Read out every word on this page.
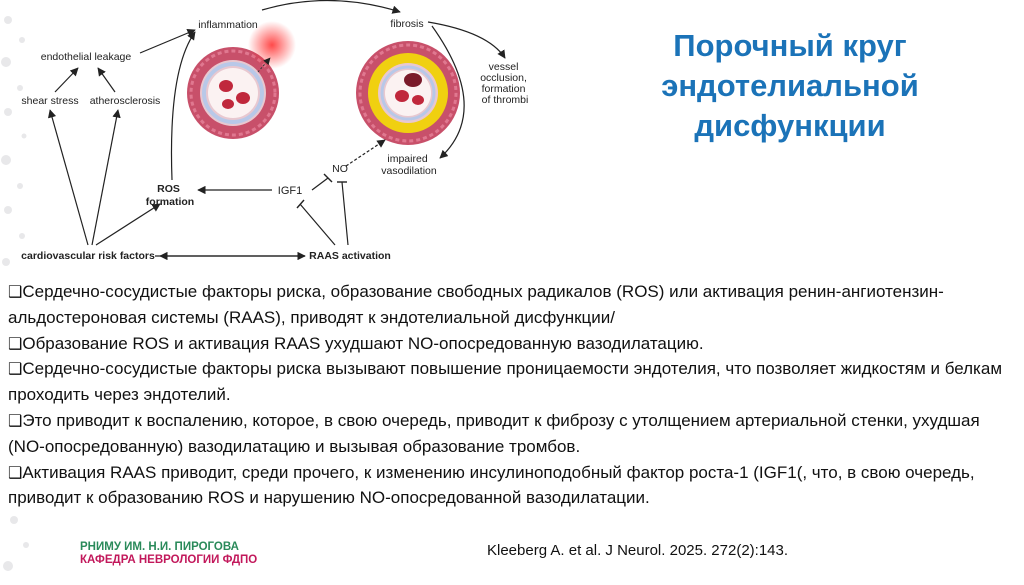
inflammation	fibrosis
endothelial leakage
shear stress atherosclerosis
vessel occlusion, formation of thrombi
impaired vasodilation
NO
IGF1
ROS formation
cardiovascular risk factors	RAAS activation
Порочный круг
эндотелиальной
дисфункции

❑Сердечно-сосудистые факторы риска, образование свободных радикалов (ROS) или активация ренин-ангиотензин-альдостероновая системы (RAAS), приводят к эндотелиальной дисфункции/

❑Образование ROS и активация RAAS ухудшают NO-опосредованную вазодилатацию.

❑Сердечно-сосудистые факторы риска вызывают повышение проницаемости эндотелия, что позволяет жидкостям и белкам проходить через эндотелий.

❑Это приводит к воспалению, которое, в свою очередь, приводит к фиброзу с утолщением артериальной стенки, ухудшая (NO-опосредованную) вазодилатацию и вызывая образование тромбов.

❑Активация RAAS приводит, среди прочего, к изменению инсулиноподобный фактор роста-1 (IGF1(, что, в свою очередь, приводит к образованию ROS и нарушению NO-опосредованной вазодилатации.

РНИМУ ИМ. Н.И. ПИРОГОВА
КАФЕДРА НЕВРОЛОГИИ ФДПО
Kleeberg A. et al. J Neurol. 2025. 272(2):143.
